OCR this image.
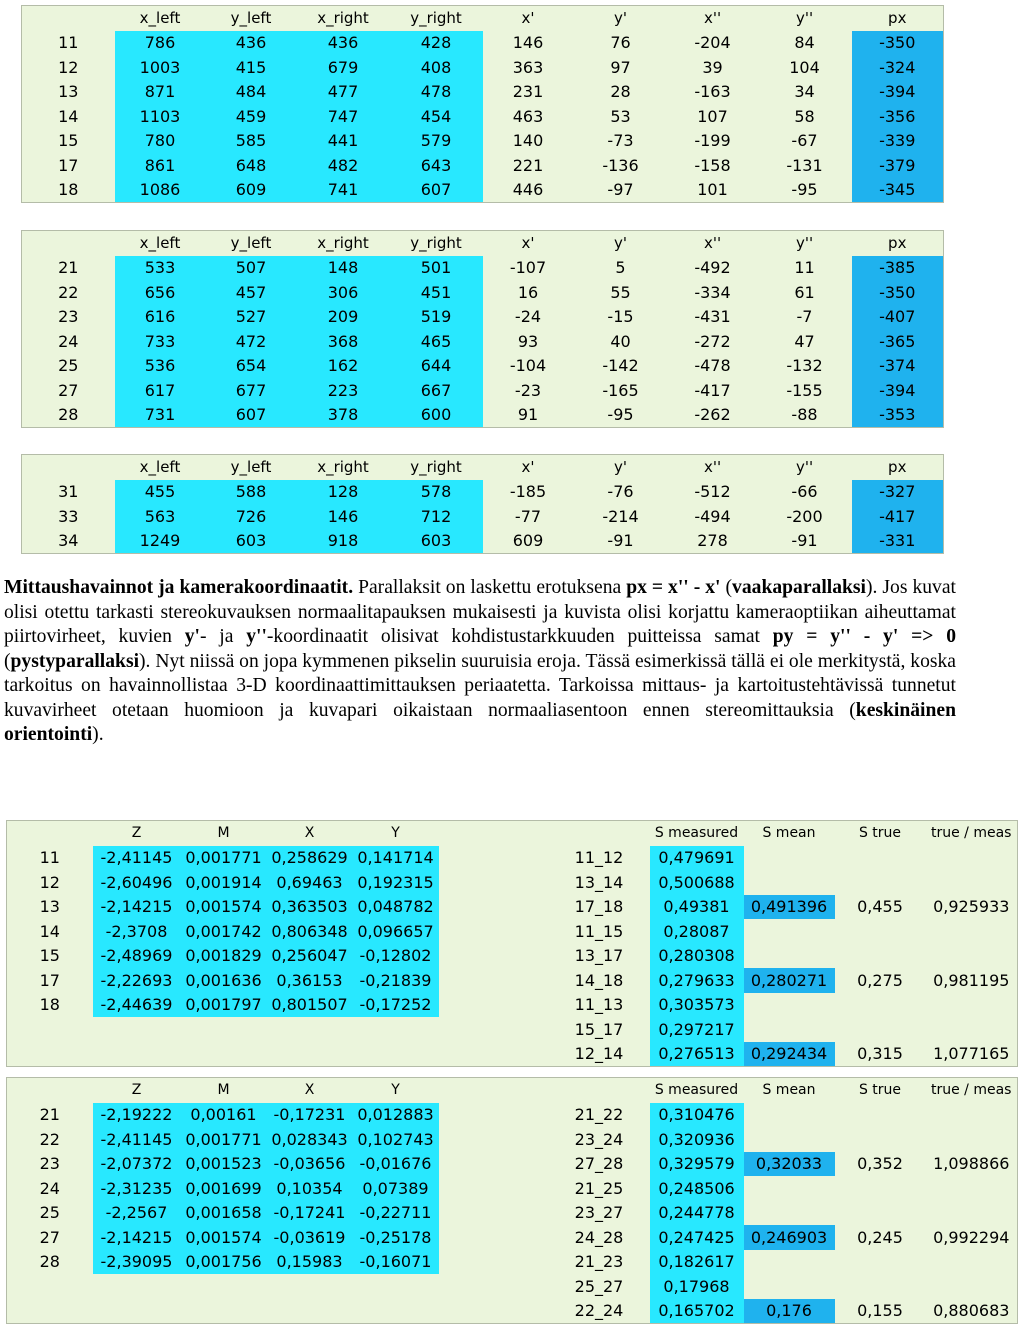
	x_left	y_left	x_right	y_right	x'	y'	x''	y''	px
11	786	436	436	428	146	76	-204	84	-350
12	1003	415	679	408	363	97	39	104	-324
13	871	484	477	478	231	28	-163	34	-394
14	1103	459	747	454	463	53	107	58	-356
15	780	585	441	579	140	-73	-199	-67	-339
17	861	648	482	643	221	-136	-158	-131	-379
18	1086	609	741	607	446	-97	101	-95	-345
	x_left	y_left	x_right	y_right	x'	y'	x''	y''	px
21	533	507	148	501	-107	5	-492	11	-385
22	656	457	306	451	16	55	-334	61	-350
23	616	527	209	519	-24	-15	-431	-7	-407
24	733	472	368	465	93	40	-272	47	-365
25	536	654	162	644	-104	-142	-478	-132	-374
27	617	677	223	667	-23	-165	-417	-155	-394
28	731	607	378	600	91	-95	-262	-88	-353
	x_left	y_left	x_right	y_right	x'	y'	x''	y''	px
31	455	588	128	578	-185	-76	-512	-66	-327
33	563	726	146	712	-77	-214	-494	-200	-417
34	1249	603	918	603	609	-91	278	-91	-331

Mittaushavainnot ja kamerakoordinaatit. Parallaksit on laskettu erotuksena px = x'' - x' (vaakaparallaksi). Jos kuvat olisi otettu tarkasti stereokuvauksen normaalitapauksen mukaisesti ja kuvista olisi korjattu kameraoptiikan aiheuttamat piirtovirheet, kuvien y'- ja y''-koordinaatit olisivat kohdistustarkkuuden puitteissa samat py = y'' - y' => 0 (pystyparallaksi). Nyt niissä on jopa kymmenen pikselin suuruisia eroja. Tässä esimerkissä tällä ei ole merkitystä, koska tarkoitus on havainnollistaa 3-D koordinaattimittauksen periaatetta. Tarkoissa mittaus- ja kartoitustehtävissä tunnetut kuvavirheet otetaan huomioon ja kuvapari oikaistaan normaaliasentoon ennen stereomittauksia (keskinäinen orientointi).

	Z	M	X	Y			S measured	S mean	S true	true / meas
11	-2,41145	0,001771	0,258629	0,141714		11_12	0,479691			
12	-2,60496	0,001914	0,69463	0,192315		13_14	0,500688			
13	-2,14215	0,001574	0,363503	0,048782		17_18	0,49381	0,491396	0,455	0,925933
14	-2,3708	0,001742	0,806348	0,096657		11_15	0,28087			
15	-2,48969	0,001829	0,256047	-0,12802		13_17	0,280308			
17	-2,22693	0,001636	0,36153	-0,21839		14_18	0,279633	0,280271	0,275	0,981195
18	-2,44639	0,001797	0,801507	-0,17252		11_13	0,303573			
						15_17	0,297217			
						12_14	0,276513	0,292434	0,315	1,077165
	Z	M	X	Y			S measured	S mean	S true	true / meas
21	-2,19222	0,00161	-0,17231	0,012883		21_22	0,310476			
22	-2,41145	0,001771	0,028343	0,102743		23_24	0,320936			
23	-2,07372	0,001523	-0,03656	-0,01676		27_28	0,329579	0,32033	0,352	1,098866
24	-2,31235	0,001699	0,10354	0,07389		21_25	0,248506			
25	-2,2567	0,001658	-0,17241	-0,22711		23_27	0,244778			
27	-2,14215	0,001574	-0,03619	-0,25178		24_28	0,247425	0,246903	0,245	0,992294
28	-2,39095	0,001756	0,15983	-0,16071		21_23	0,182617			
						25_27	0,17968			
						22_24	0,165702	0,176	0,155	0,880683
